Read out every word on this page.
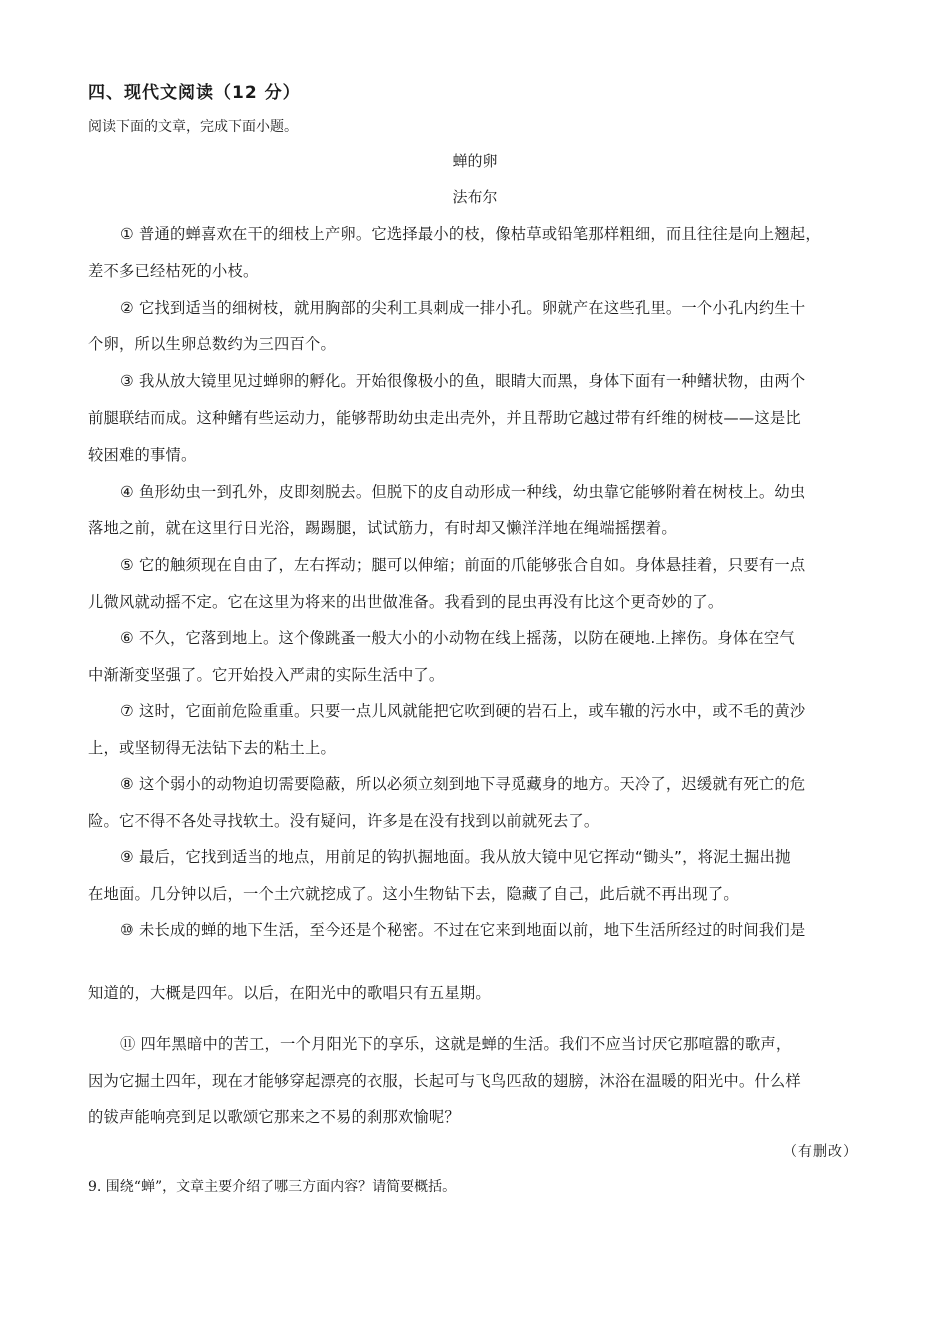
四、现代文阅读（12 分）
阅读下面的文章，完成下面小题。
蝉的卵
法布尔
① 普通的蝉喜欢在干的细枝上产卵。它选择最小的枝，像枯草或铅笔那样粗细，而且往往是向上翘起，
差不多已经枯死的小枝。
② 它找到适当的细树枝，就用胸部的尖利工具刺成一排小孔。卵就产在这些孔里。一个小孔内约生十
个卵，所以生卵总数约为三四百个。
③ 我从放大镜里见过蝉卵的孵化。开始很像极小的鱼，眼睛大而黑，身体下面有一种鳍状物，由两个
前腿联结而成。这种鳍有些运动力，能够帮助幼虫走出壳外，并且帮助它越过带有纤维的树枝——这是比
较困难的事情。
④ 鱼形幼虫一到孔外，皮即刻脱去。但脱下的皮自动形成一种线，幼虫靠它能够附着在树枝上。幼虫
落地之前，就在这里行日光浴，踢踢腿，试试筋力，有时却又懒洋洋地在绳端摇摆着。
⑤ 它的触须现在自由了，左右挥动；腿可以伸缩；前面的爪能够张合自如。身体悬挂着，只要有一点
儿微风就动摇不定。它在这里为将来的出世做准备。我看到的昆虫再没有比这个更奇妙的了。
⑥ 不久，它落到地上。这个像跳蚤一般大小的小动物在线上摇荡，以防在硬地.上摔伤。身体在空气
中渐渐变坚强了。它开始投入严肃的实际生活中了。
⑦ 这时，它面前危险重重。只要一点儿风就能把它吹到硬的岩石上，或车辙的污水中，或不毛的黄沙
上，或坚韧得无法钻下去的粘土上。
⑧ 这个弱小的动物迫切需要隐蔽，所以必须立刻到地下寻觅藏身的地方。天冷了，迟缓就有死亡的危
险。它不得不各处寻找软土。没有疑问，许多是在没有找到以前就死去了。
⑨ 最后，它找到适当的地点，用前足的钩扒掘地面。我从放大镜中见它挥动“锄头”，将泥土掘出抛
在地面。几分钟以后，一个土穴就挖成了。这小生物钻下去，隐藏了自己，此后就不再出现了。
⑩ 未长成的蝉的地下生活，至今还是个秘密。不过在它来到地面以前，地下生活所经过的时间我们是
知道的，大概是四年。以后，在阳光中的歌唱只有五星期。
⑪ 四年黑暗中的苦工，一个月阳光下的享乐，这就是蝉的生活。我们不应当讨厌它那喧嚣的歌声，
因为它掘土四年，现在才能够穿起漂亮的衣服，长起可与飞鸟匹敌的翅膀，沐浴在温暖的阳光中。什么样
的钹声能响亮到足以歌颂它那来之不易的刹那欢愉呢？
（有删改）
9. 围绕“蝉”，文章主要介绍了哪三方面内容？请简要概括。
